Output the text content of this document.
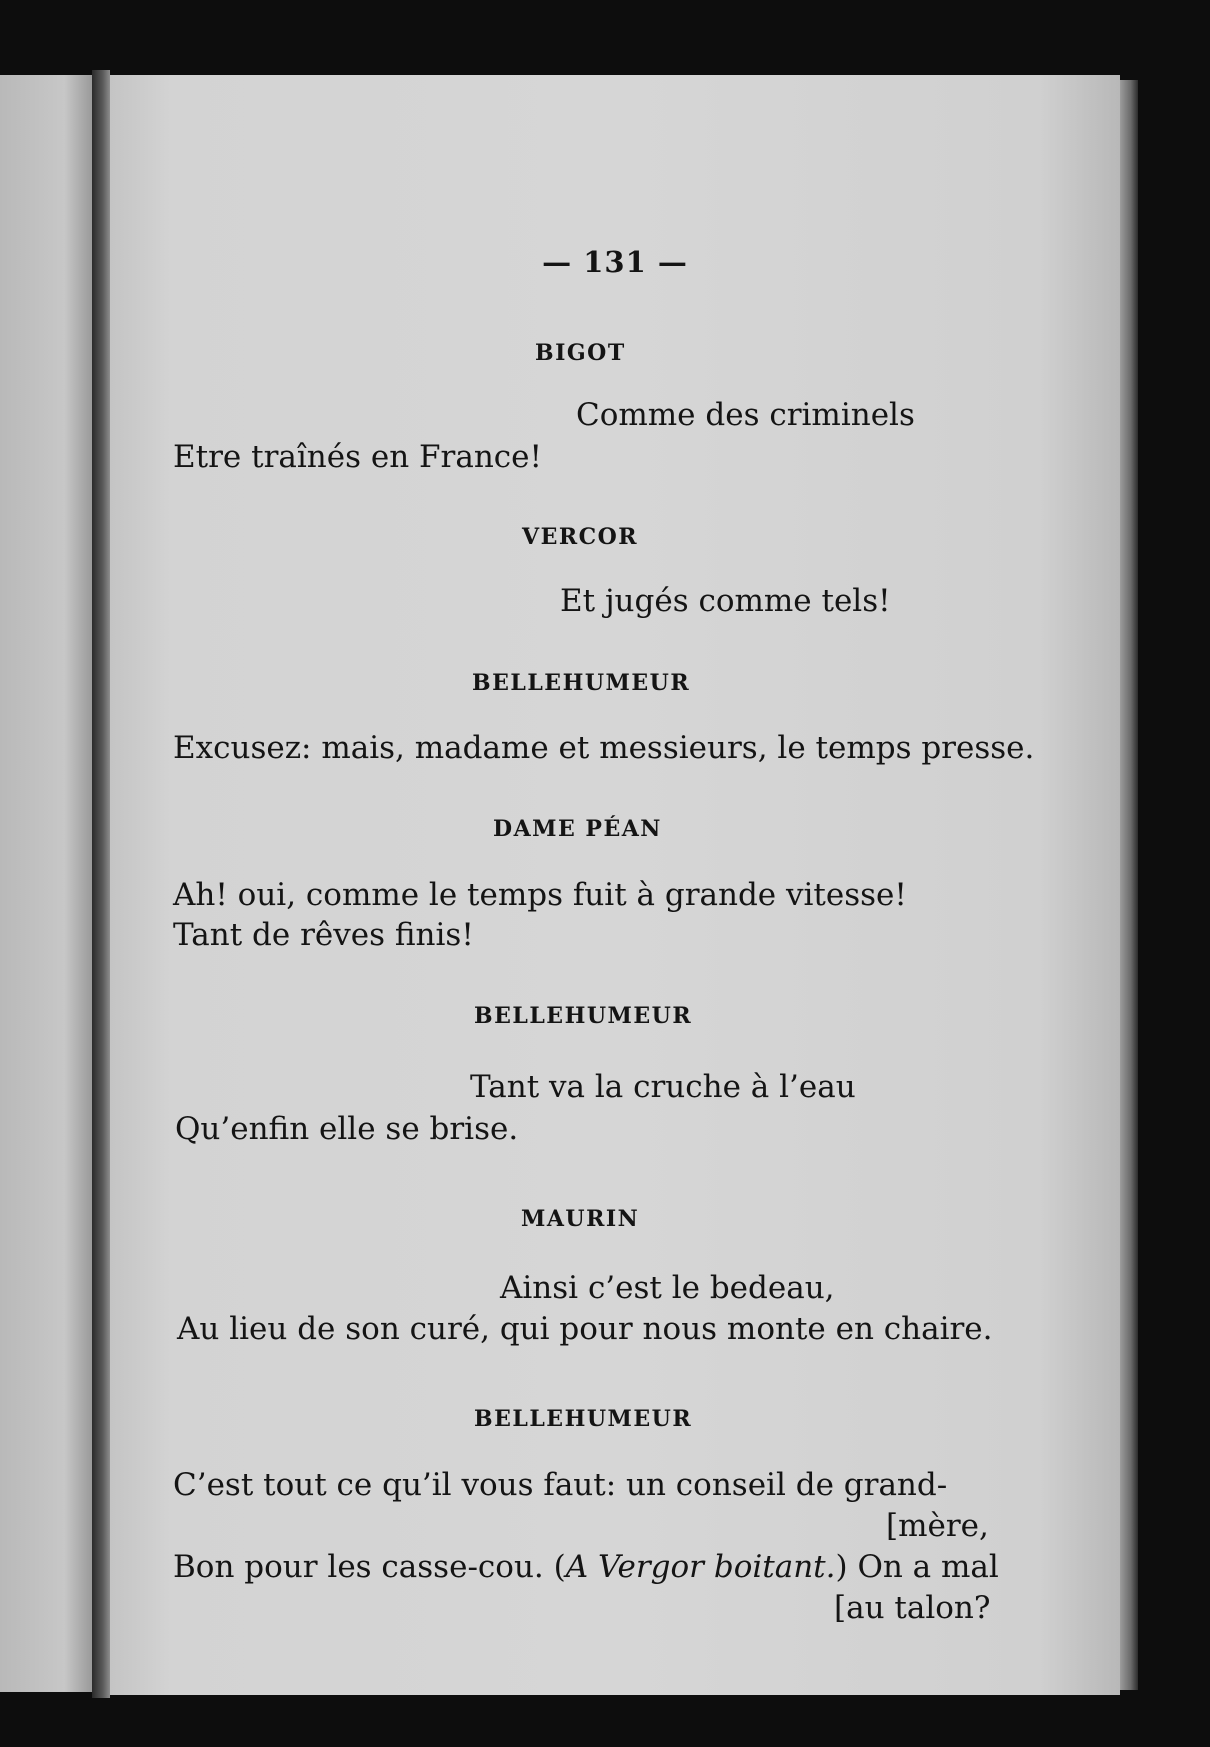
— 131 —
BIGOT
Comme des criminels
Etre traînés en France!
VERCOR
Et jugés comme tels!
BELLEHUMEUR
Excusez: mais, madame et messieurs, le temps presse.
DAME PÉAN
Ah! oui, comme le temps fuit à grande vitesse!
Tant de rêves finis!
BELLEHUMEUR
Tant va la cruche à l’eau
Qu’enfin elle se brise.
MAURIN
Ainsi c’est le bedeau,
Au lieu de son curé, qui pour nous monte en chaire.
BELLEHUMEUR
C’est tout ce qu’il vous faut: un conseil de grand-
[mère,
Bon pour les casse-cou. (A Vergor boitant.) On a mal
[au talon?
